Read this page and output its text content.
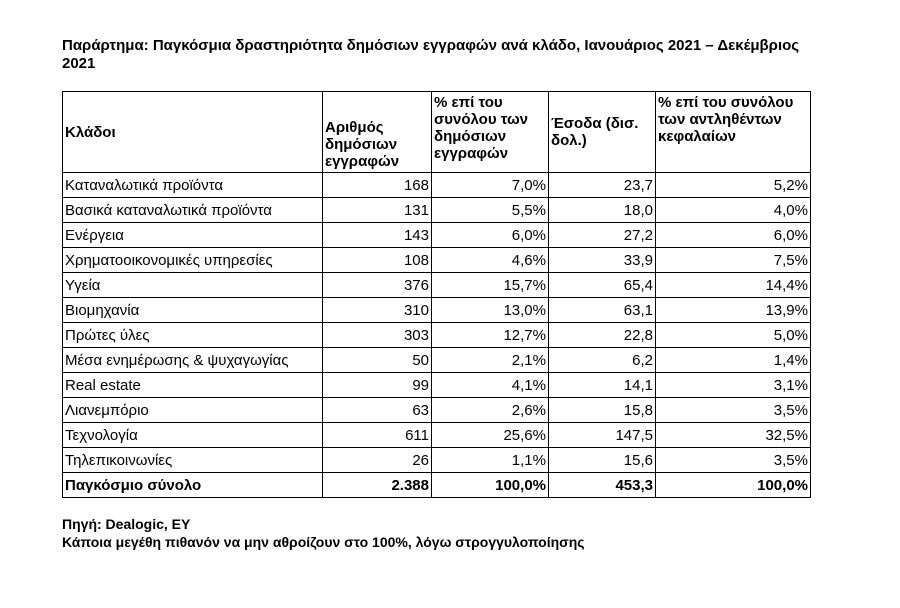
Παράρτημα: Παγκόσμια δραστηριότητα δημόσιων εγγραφών ανά κλάδο, Ιανουάριος 2021 – Δεκέμβριος 2021
Κλάδοι	Αριθμός δημόσιων εγγραφών	% επί του συνόλου των δημόσιων εγγραφών	Έσοδα (δισ. δολ.)	% επί του συνόλου των αντληθέντων κεφαλαίων
Καταναλωτικά προϊόντα	168	7,0%	23,7	5,2%
Βασικά καταναλωτικά προϊόντα	131	5,5%	18,0	4,0%
Ενέργεια	143	6,0%	27,2	6,0%
Χρηματοοικονομικές υπηρεσίες	108	4,6%	33,9	7,5%
Υγεία	376	15,7%	65,4	14,4%
Βιομηχανία	310	13,0%	63,1	13,9%
Πρώτες ύλες	303	12,7%	22,8	5,0%
Μέσα ενημέρωσης & ψυχαγωγίας	50	2,1%	6,2	1,4%
Real estate	99	4,1%	14,1	3,1%
Λιανεμπόριο	63	2,6%	15,8	3,5%
Τεχνολογία	611	25,6%	147,5	32,5%
Τηλεπικοινωνίες	26	1,1%	15,6	3,5%
Παγκόσμιο σύνολο	2.388	100,0%	453,3	100,0%

Πηγή: Dealogic, EY

Κάποια μεγέθη πιθανόν να μην αθροίζουν στο 100%, λόγω στρογγυλοποίησης
